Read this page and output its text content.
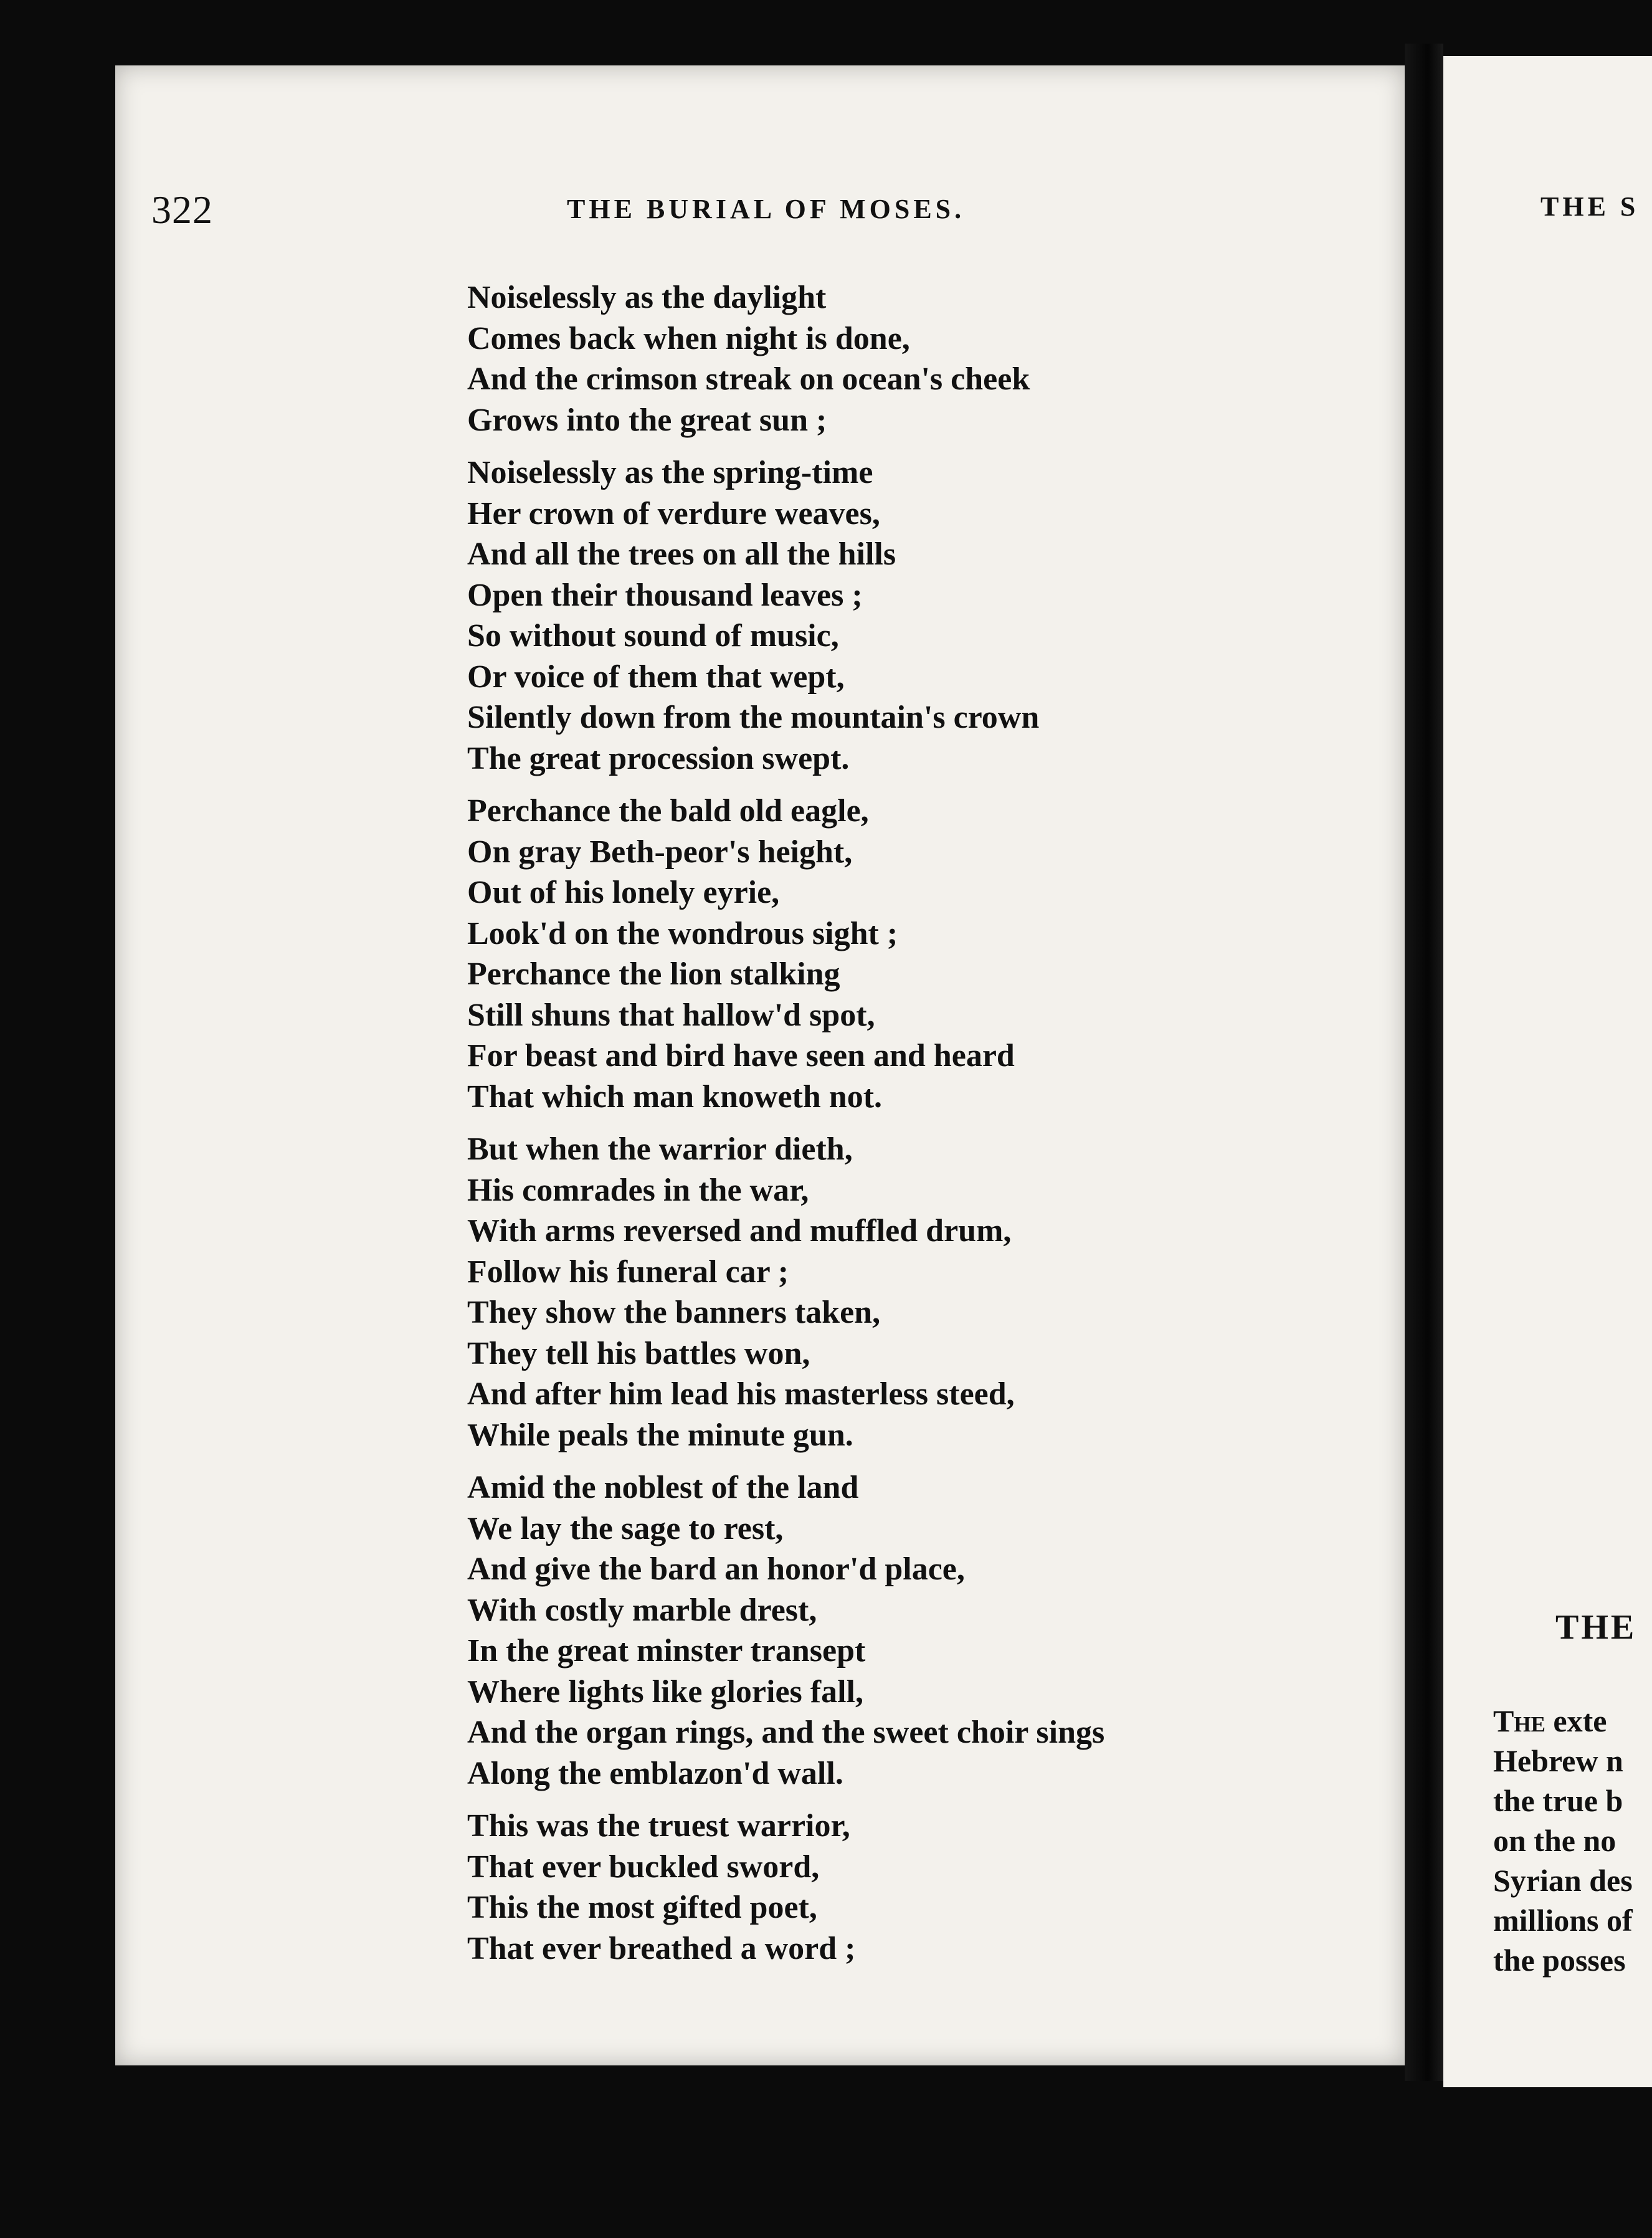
322	THE BURIAL OF MOSES.
Noiselessly as the daylight
Comes back when night is done,
And the crimson streak on ocean's cheek
Grows into the great sun ;
Noiselessly as the spring-time
Her crown of verdure weaves,
And all the trees on all the hills
Open their thousand leaves ;
So without sound of music,
Or voice of them that wept,
Silently down from the mountain's crown
The great procession swept.
Perchance the bald old eagle,
On gray Beth-peor's height,
Out of his lonely eyrie,
Look'd on the wondrous sight ;
Perchance the lion stalking
Still shuns that hallow'd spot,
For beast and bird have seen and heard
That which man knoweth not.
But when the warrior dieth,
His comrades in the war,
With arms reversed and muffled drum,
Follow his funeral car ;
They show the banners taken,
They tell his battles won,
And after him lead his masterless steed,
While peals the minute gun.
Amid the noblest of the land
We lay the sage to rest,
And give the bard an honor'd place,
With costly marble drest,
In the great minster transept
Where lights like glories fall,
And the organ rings, and the sweet choir sings
Along the emblazon'd wall.
This was the truest warrior,
That ever buckled sword,
This the most gifted poet,
That ever breathed a word ;
THE S
THE
The exte
Hebrew n
the true b
on the no
Syrian des
millions of
the posses
